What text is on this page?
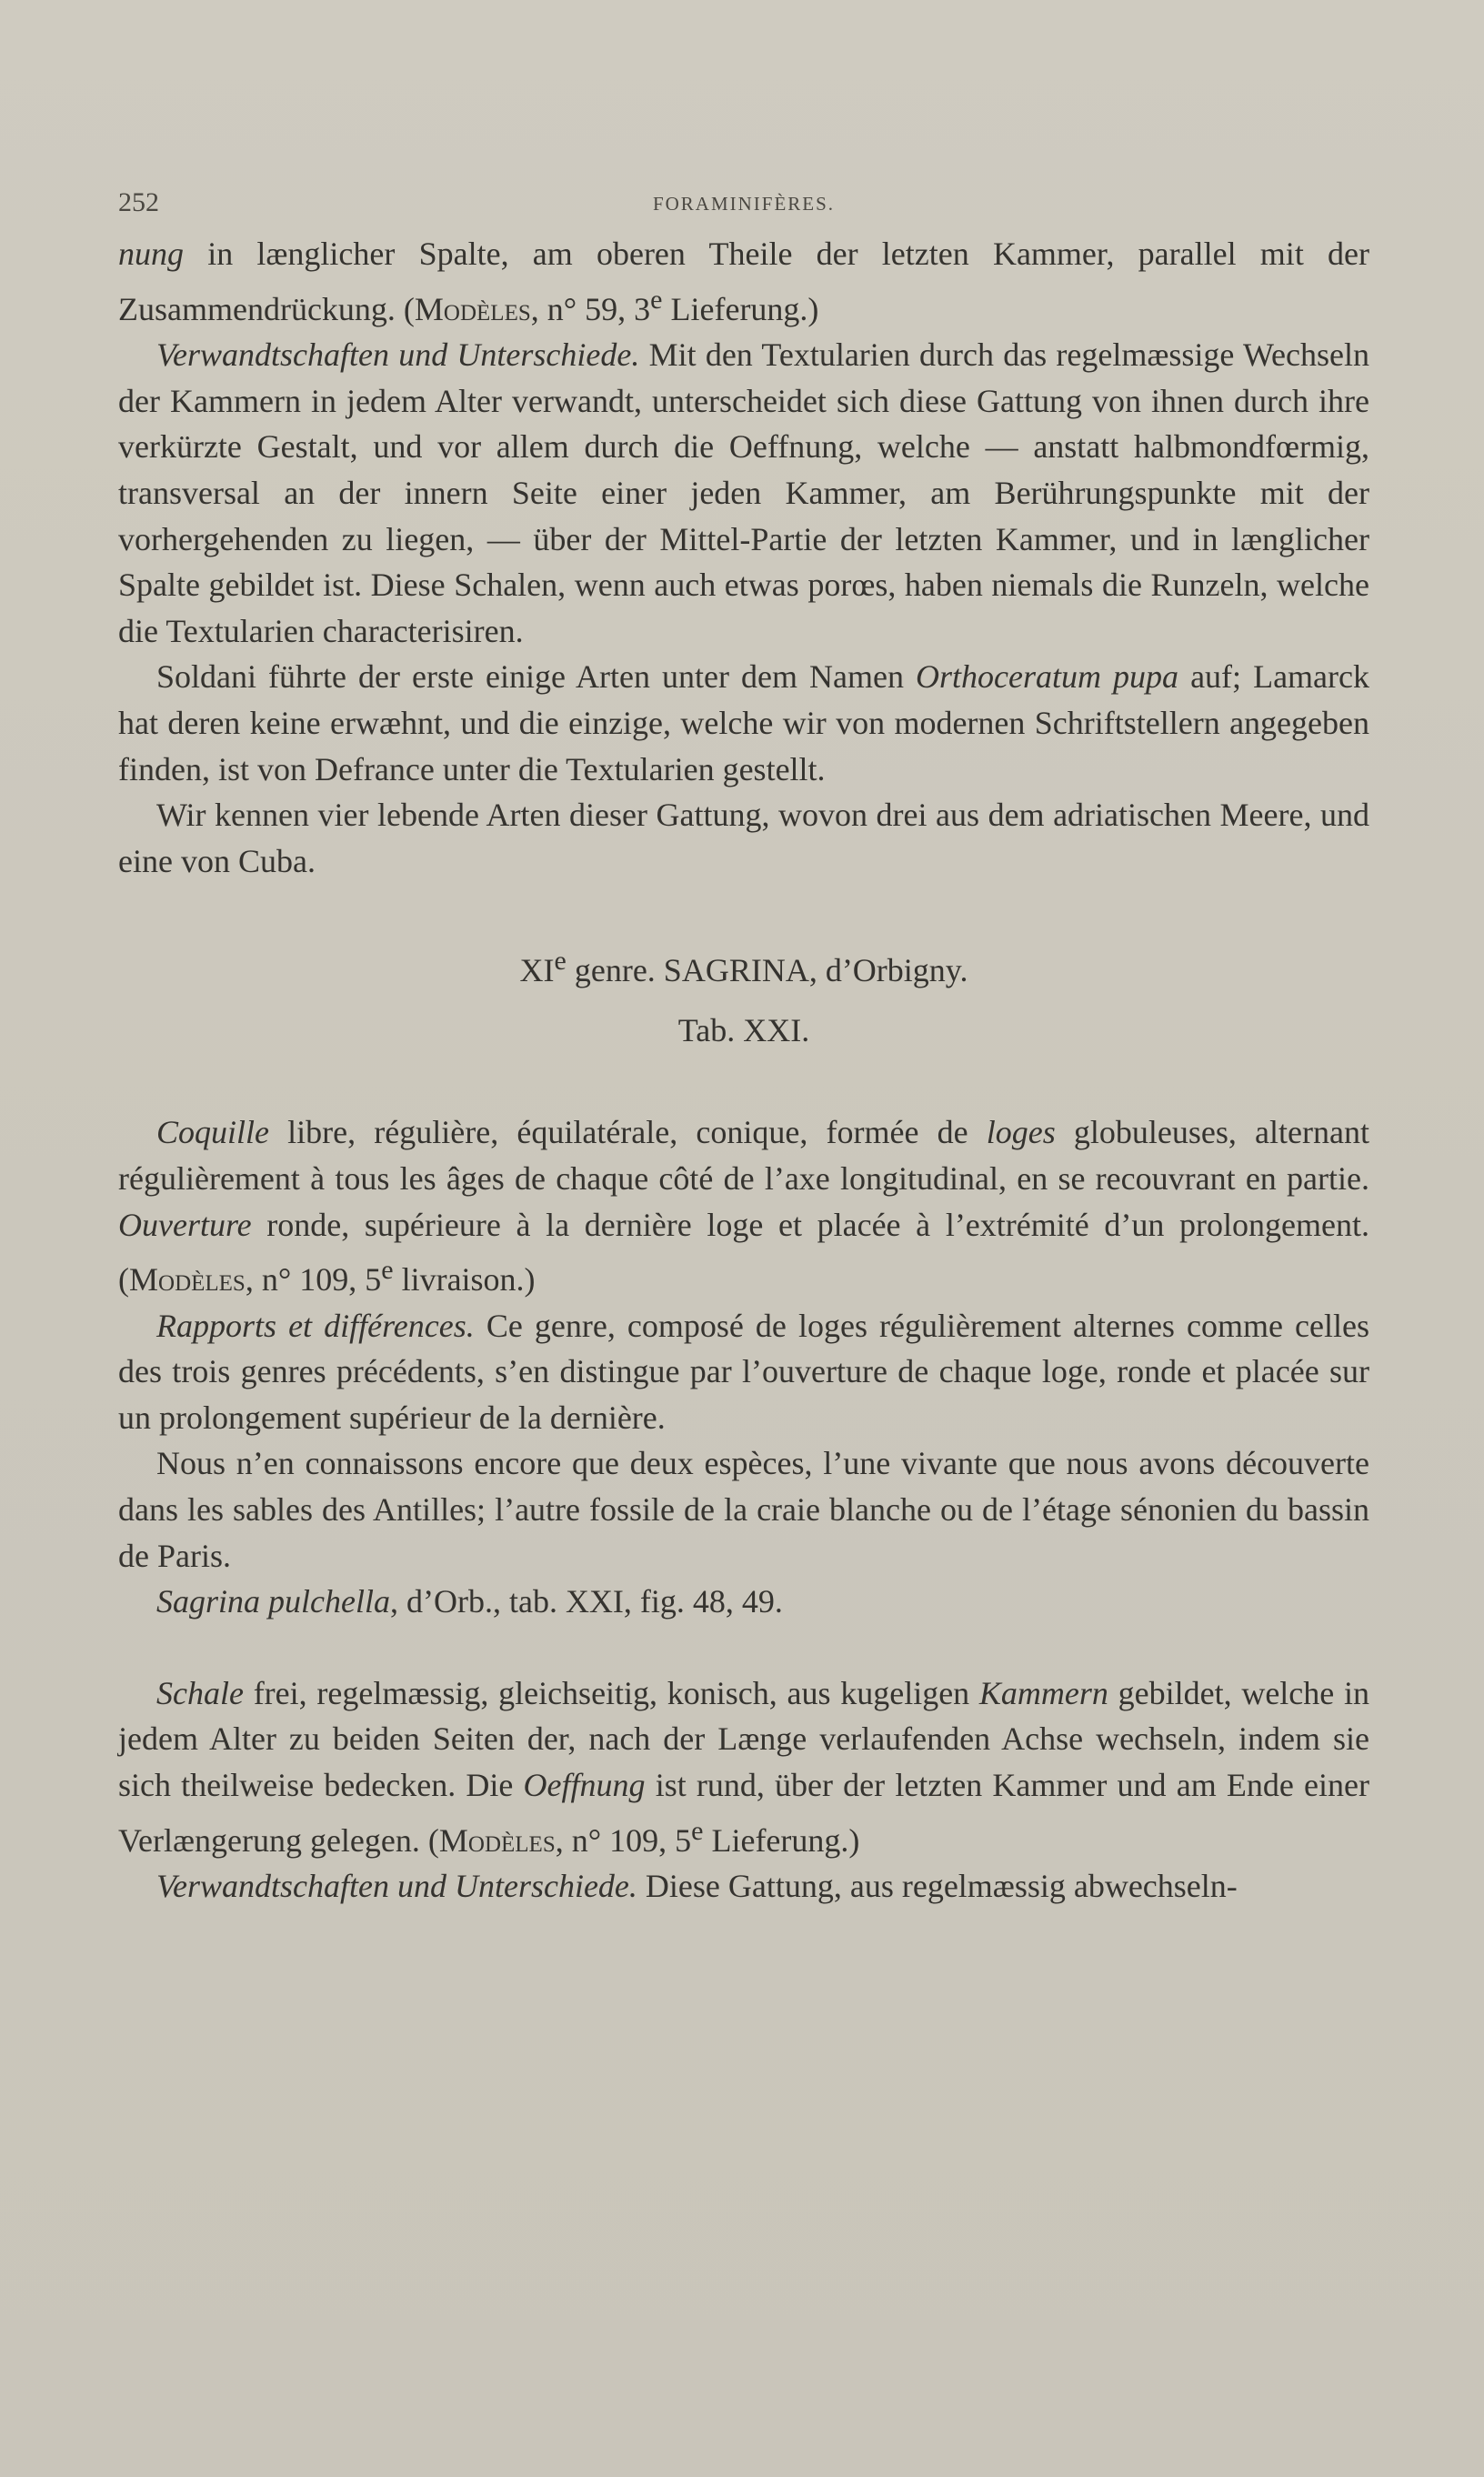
252	FORAMINIFÈRES.

nung in længlicher Spalte, am oberen Theile der letzten Kammer, parallel mit der Zusammendrückung. (Modèles, n° 59, 3e Lieferung.)

Verwandtschaften und Unterschiede. Mit den Textularien durch das regelmæssige Wechseln der Kammern in jedem Alter verwandt, unterscheidet sich diese Gattung von ihnen durch ihre verkürzte Gestalt, und vor allem durch die Oeffnung, welche — anstatt halbmondfœrmig, transversal an der innern Seite einer jeden Kammer, am Berührungspunkte mit der vorhergehenden zu liegen, — über der Mittel-Partie der letzten Kammer, und in længlicher Spalte gebildet ist. Diese Schalen, wenn auch etwas porœs, haben niemals die Runzeln, welche die Textularien characterisiren.

Soldani führte der erste einige Arten unter dem Namen Orthoceratum pupa auf; Lamarck hat deren keine erwæhnt, und die einzige, welche wir von modernen Schriftstellern angegeben finden, ist von Defrance unter die Textularien gestellt.

Wir kennen vier lebende Arten dieser Gattung, wovon drei aus dem adriatischen Meere, und eine von Cuba.

XIe genre. SAGRINA, d’Orbigny.
Tab. XXI.

Coquille libre, régulière, équilatérale, conique, formée de loges globuleuses, alternant régulièrement à tous les âges de chaque côté de l’axe longitudinal, en se recouvrant en partie. Ouverture ronde, supérieure à la dernière loge et placée à l’extrémité d’un prolongement. (Modèles, n° 109, 5e livraison.)

Rapports et différences. Ce genre, composé de loges régulièrement alternes comme celles des trois genres précédents, s’en distingue par l’ouverture de chaque loge, ronde et placée sur un prolongement supérieur de la dernière.

Nous n’en connaissons encore que deux espèces, l’une vivante que nous avons découverte dans les sables des Antilles; l’autre fossile de la craie blanche ou de l’étage sénonien du bassin de Paris.

Sagrina pulchella, d’Orb., tab. XXI, fig. 48, 49.

Schale frei, regelmæssig, gleichseitig, konisch, aus kugeligen Kammern gebildet, welche in jedem Alter zu beiden Seiten der, nach der Længe verlaufenden Achse wechseln, indem sie sich theilweise bedecken. Die Oeffnung ist rund, über der letzten Kammer und am Ende einer Verlængerung gelegen. (Modèles, n° 109, 5e Lieferung.)

Verwandtschaften und Unterschiede. Diese Gattung, aus regelmæssig abwechseln-
